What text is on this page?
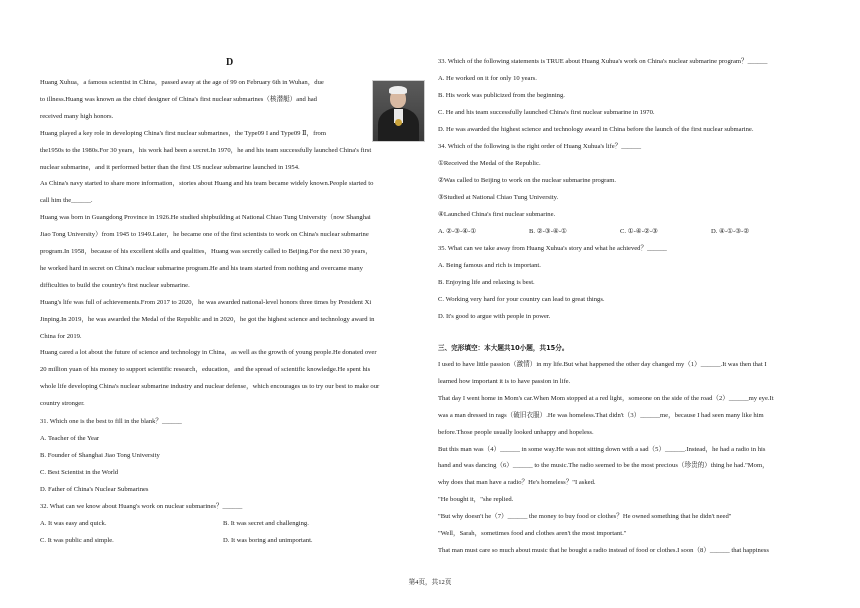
D
Huang Xuhua，a famous scientist in China，passed away at the age of 99 on February 6th in Wuhan，due
to illness.Huang was known as the chief designer of China's first nuclear submarines（核潜艇）and had
received many high honors.
Huang played a key role in developing China's first nuclear submarines，the Type09 I and Type09 Ⅱ，from
the1950s to the 1980s.For 30 years，his work had been a secret.In 1970，he and his team successfully launched China's first
nuclear submarine，and it performed better than the first US nuclear submarine launched in 1954.
As China's navy started to share more information，stories about Huang and his team became widely known.People started to
call him the______.
Huang was born in Guangdong Province in 1926.He studied shipbuilding at National Chiao Tung University（now Shanghai
Jiao Tong University）from 1945 to 1949.Later，he became one of the first scientists to work on China's nuclear submarine
program.In 1958，because of his excellent skills and qualities，Huang was secretly called to Beijing.For the next 30 years，
he worked hard in secret on China's nuclear submarine program.He and his team started from nothing and overcame many
difficulties to build the country's first nuclear submarine.
Huang's life was full of achievements.From 2017 to 2020，he was awarded national-level honors three times by President Xi
Jinping.In 2019，he was awarded the Medal of the Republic and in 2020，he got the highest science and technology award in
China for 2019.
Huang cared a lot about the future of science and technology in China，as well as the growth of young people.He donated over
20 million yuan of his money to support scientific research，education，and the spread of scientific knowledge.He spent his
whole life developing China's nuclear submarine industry and nuclear defense，which encourages us to try our best to make our
country stronger.
31. Which one is the best to fill in the blank？______
A. Teacher of the Year
B. Founder of Shanghai Jiao Tong University
C. Best Scientist in the World
D. Father of China's Nuclear Submarines
32. What can we know about Huang's work on nuclear submarines？______
A. It was easy and quick.	B. It was secret and challenging.
C. It was public and simple.	D. It was boring and unimportant.
33. Which of the following statements is TRUE about Huang Xuhua's work on China's nuclear submarine program？______
A. He worked on it for only 10 years.
B. His work was publicized from the beginning.
C. He and his team successfully launched China's first nuclear submarine in 1970.
D. He was awarded the highest science and technology award in China before the launch of the first nuclear submarine.
34. Which of the following is the right order of Huang Xuhua's life？______
①Received the Medal of the Republic.
②Was called to Beijing to work on the nuclear submarine program.
③Studied at National Chiao Tung University.
④Launched China's first nuclear submarine.
A. ②-③-④-①	B. ②-③-④-①	C. ①-④-②-③	D. ④-①-③-②
35. What can we take away from Huang Xuhua's story and what he achieved？______
A. Being famous and rich is important.
B. Enjoying life and relaxing is best.
C. Working very hard for your country can lead to great things.
D. It's good to argue with people in power.
三、完形填空：本大题共10小题，共15分。
I used to have little passion（激情）in my life.But what happened the other day changed my（1）______.It was then that I
learned how important it is to have passion in life.
That day I went home in Mom's car.When Mom stopped at a red light，someone on the side of the road（2）______my eye.It
was a man dressed in rags（破旧衣服）.He was homeless.That didn't（3）______me，because I had seen many like him
before.Those people usually looked unhappy and hopeless.
But this man was（4）______ in some way.He was not sitting down with a sad（5）______.Instead，he had a radio in his
hand and was dancing（6）______ to the music.The radio seemed to be the most precious（珍贵的）thing he had."Mom，
why does that man have a radio？He's homeless？"I asked.
"He bought it，"she replied.
"But why doesn't he（7）______ the money to buy food or clothes？He owned something that he didn't need"
"Well，Sarah，sometimes food and clothes aren't the most important."
That man must care so much about music that he bought a radio instead of food or clothes.I soon（8）______ that happiness
第4页，共12页
